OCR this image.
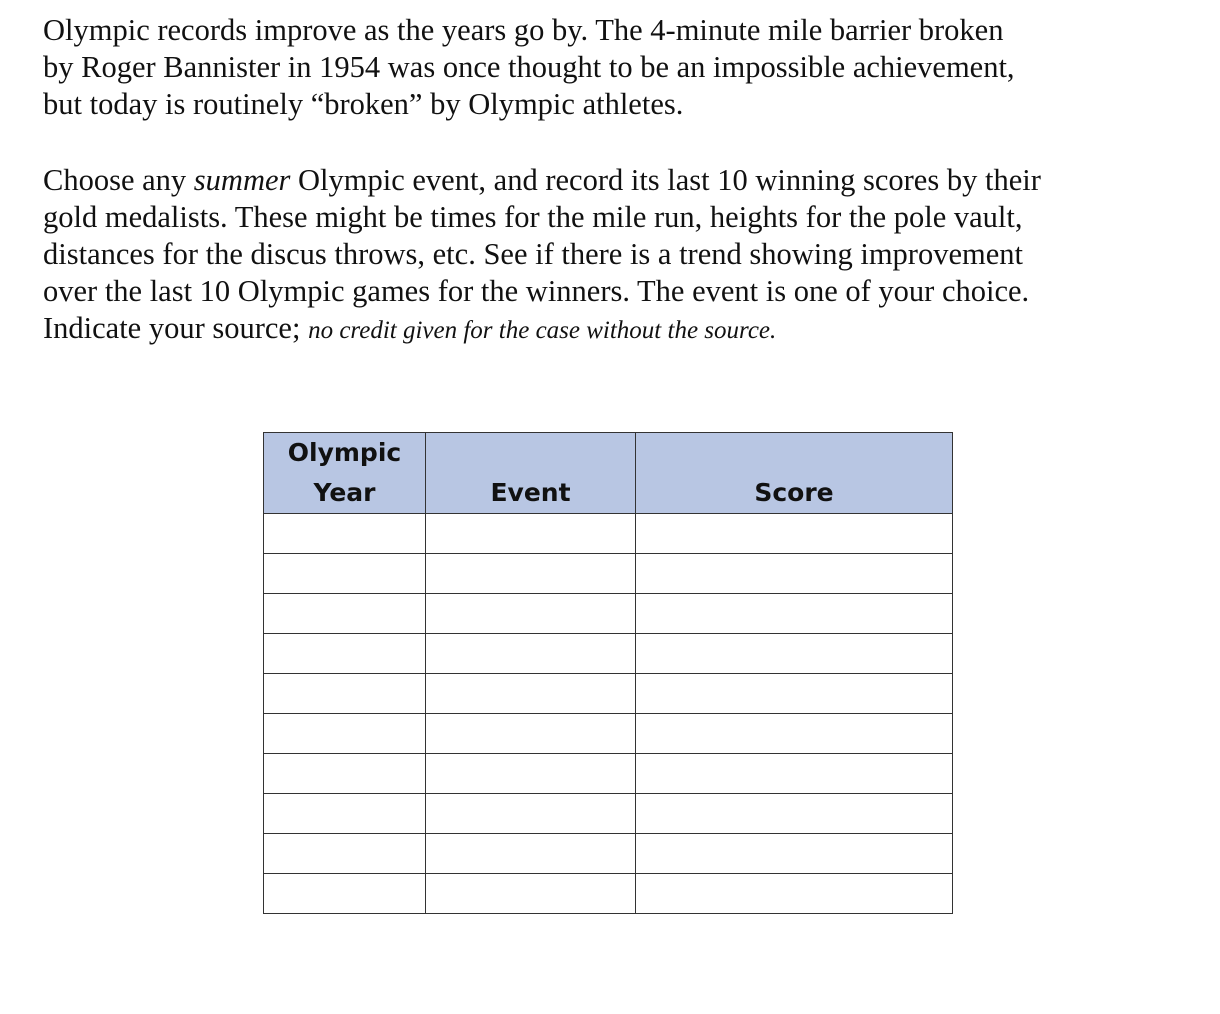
Olympic records improve as the years go by. The 4-minute mile barrier broken
by Roger Bannister in 1954 was once thought to be an impossible achievement,
but today is routinely “broken” by Olympic athletes.

Choose any summer Olympic event, and record its last 10 winning scores by their
gold medalists. These might be times for the mile run, heights for the pole vault,
distances for the discus throws, etc. See if there is a trend showing improvement
over the last 10 Olympic games for the winners. The event is one of your choice.
Indicate your source; no credit given for the case without the source.

Olympic
Year	Event	Score
